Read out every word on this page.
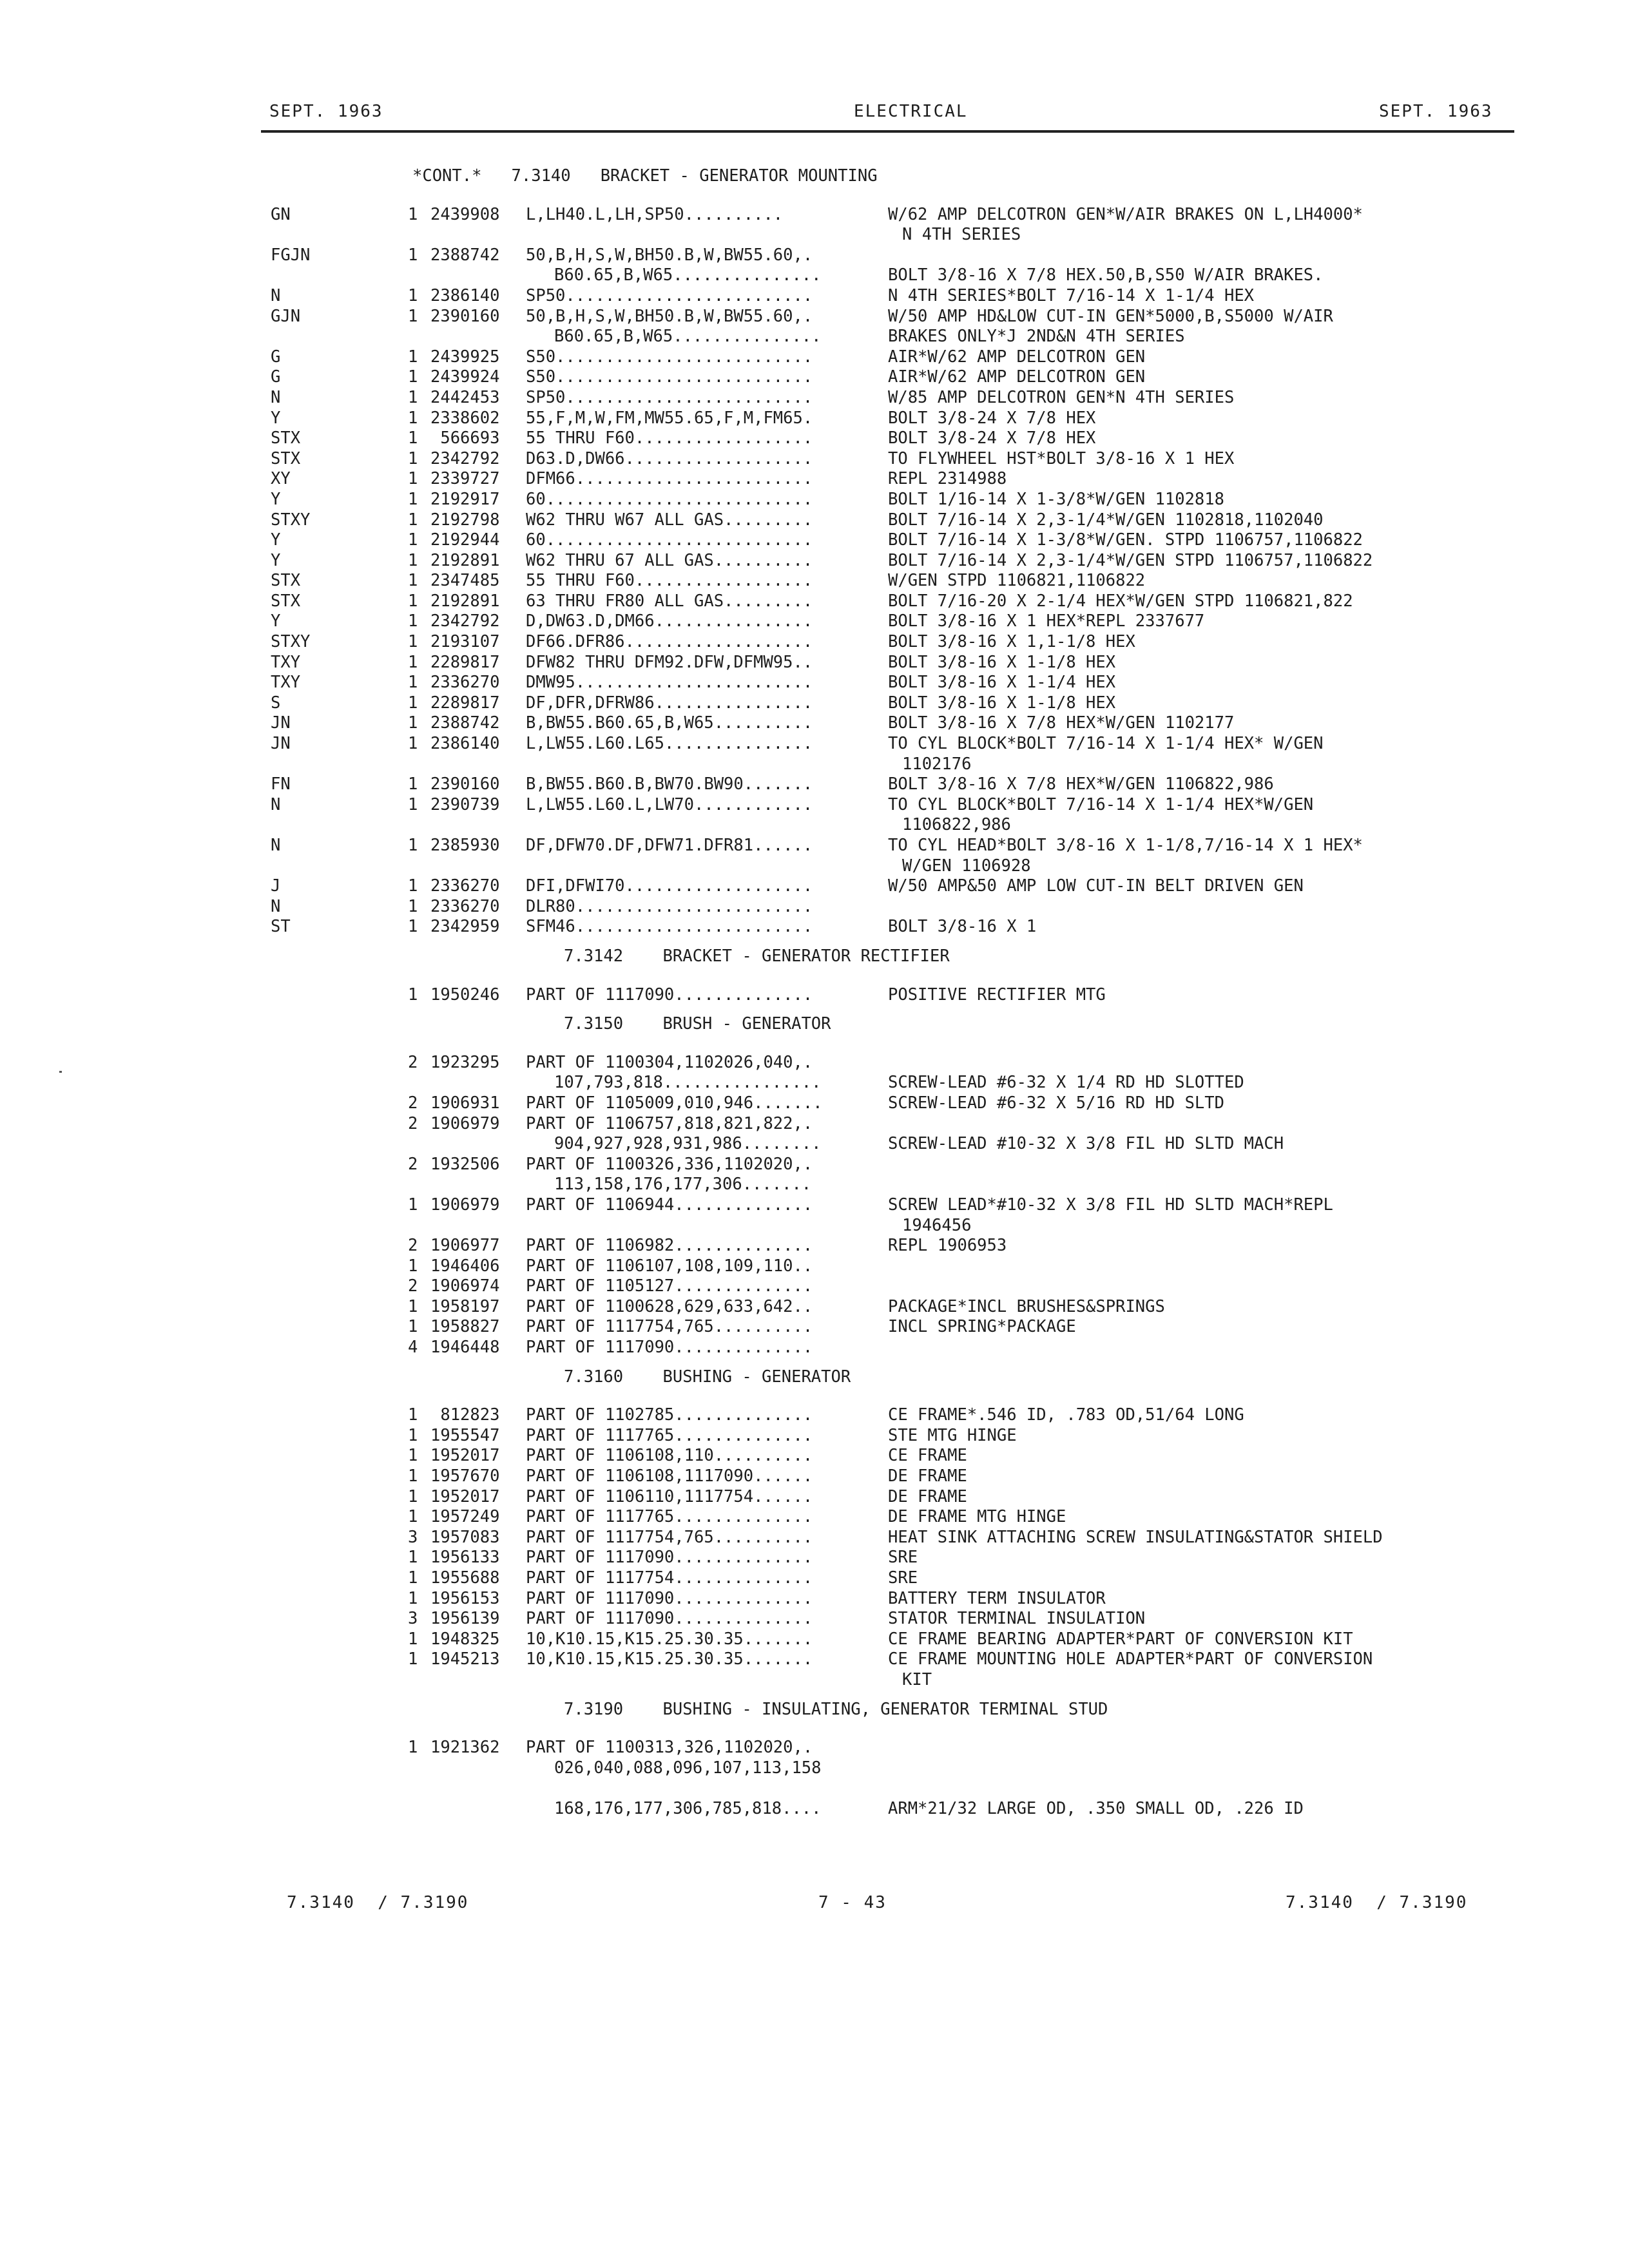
SEPT. 1963	ELECTRICAL	SEPT. 1963
*CONT.*   7.3140   BRACKET - GENERATOR MOUNTING
GN	1 2439908 L,LH40.L,LH,SP50..........	W/62 AMP DELCOTRON GEN*W/AIR BRAKES ON L,LH4000*
N 4TH SERIES
FGJN	1 2388742 50,B,H,S,W,BH50.B,W,BW55.60,.
B60.65,B,W65...............	BOLT 3/8-16 X 7/8 HEX.50,B,S50 W/AIR BRAKES.
N	1 2386140 SP50.........................	N 4TH SERIES*BOLT 7/16-14 X 1-1/4 HEX
GJN	1 2390160 50,B,H,S,W,BH50.B,W,BW55.60,.	W/50 AMP HD&LOW CUT-IN GEN*5000,B,S5000 W/AIR
B60.65,B,W65...............	BRAKES ONLY*J 2ND&N 4TH SERIES
G	1 2439925 S50..........................	AIR*W/62 AMP DELCOTRON GEN
G	1 2439924 S50..........................	AIR*W/62 AMP DELCOTRON GEN
N	1 2442453 SP50.........................	W/85 AMP DELCOTRON GEN*N 4TH SERIES
Y	1 2338602 55,F,M,W,FM,MW55.65,F,M,FM65.	BOLT 3/8-24 X 7/8 HEX
STX	1 566693 55 THRU F60..................	BOLT 3/8-24 X 7/8 HEX
STX	1 2342792 D63.D,DW66...................	TO FLYWHEEL HST*BOLT 3/8-16 X 1 HEX
XY	1 2339727 DFM66........................	REPL 2314988
Y	1 2192917 60...........................	BOLT 1/16-14 X 1-3/8*W/GEN 1102818
STXY	1 2192798 W62 THRU W67 ALL GAS.........	BOLT 7/16-14 X 2,3-1/4*W/GEN 1102818,1102040
Y	1 2192944 60...........................	BOLT 7/16-14 X 1-3/8*W/GEN. STPD 1106757,1106822
Y	1 2192891 W62 THRU 67 ALL GAS..........	BOLT 7/16-14 X 2,3-1/4*W/GEN STPD 1106757,1106822
STX	1 2347485 55 THRU F60..................	W/GEN STPD 1106821,1106822
STX	1 2192891 63 THRU FR80 ALL GAS.........	BOLT 7/16-20 X 2-1/4 HEX*W/GEN STPD 1106821,822
Y	1 2342792 D,DW63.D,DM66................	BOLT 3/8-16 X 1 HEX*REPL 2337677
STXY	1 2193107 DF66.DFR86...................	BOLT 3/8-16 X 1,1-1/8 HEX
TXY	1 2289817 DFW82 THRU DFM92.DFW,DFMW95..	BOLT 3/8-16 X 1-1/8 HEX
TXY	1 2336270 DMW95........................	BOLT 3/8-16 X 1-1/4 HEX
S	1 2289817 DF,DFR,DFRW86................	BOLT 3/8-16 X 1-1/8 HEX
JN	1 2388742 B,BW55.B60.65,B,W65..........	BOLT 3/8-16 X 7/8 HEX*W/GEN 1102177
JN	1 2386140 L,LW55.L60.L65...............	TO CYL BLOCK*BOLT 7/16-14 X 1-1/4 HEX* W/GEN
1102176
FN	1 2390160 B,BW55.B60.B,BW70.BW90.......	BOLT 3/8-16 X 7/8 HEX*W/GEN 1106822,986
N	1 2390739 L,LW55.L60.L,LW70............	TO CYL BLOCK*BOLT 7/16-14 X 1-1/4 HEX*W/GEN
1106822,986
N	1 2385930 DF,DFW70.DF,DFW71.DFR81......	TO CYL HEAD*BOLT 3/8-16 X 1-1/8,7/16-14 X 1 HEX*
W/GEN 1106928
J	1 2336270 DFI,DFWI70...................	W/50 AMP&50 AMP LOW CUT-IN BELT DRIVEN GEN
N	1 2336270 DLR80........................
ST	1 2342959 SFM46........................	BOLT 3/8-16 X 1
7.3142    BRACKET - GENERATOR RECTIFIER
1 1950246 PART OF 1117090..............	POSITIVE RECTIFIER MTG
7.3150    BRUSH - GENERATOR
2 1923295 PART OF 1100304,1102026,040,.
107,793,818................	SCREW-LEAD #6-32 X 1/4 RD HD SLOTTED
2 1906931 PART OF 1105009,010,946.......	SCREW-LEAD #6-32 X 5/16 RD HD SLTD
2 1906979 PART OF 1106757,818,821,822,.
904,927,928,931,986........	SCREW-LEAD #10-32 X 3/8 FIL HD SLTD MACH
2 1932506 PART OF 1100326,336,1102020,.
113,158,176,177,306.......
1 1906979 PART OF 1106944..............	SCREW LEAD*#10-32 X 3/8 FIL HD SLTD MACH*REPL
1946456
2 1906977 PART OF 1106982..............	REPL 1906953
1 1946406 PART OF 1106107,108,109,110..
2 1906974 PART OF 1105127..............
1 1958197 PART OF 1100628,629,633,642..	PACKAGE*INCL BRUSHES&SPRINGS
1 1958827 PART OF 1117754,765..........	INCL SPRING*PACKAGE
4 1946448 PART OF 1117090..............
7.3160    BUSHING - GENERATOR
1 812823 PART OF 1102785..............	CE FRAME*.546 ID, .783 OD,51/64 LONG
1 1955547 PART OF 1117765..............	STE MTG HINGE
1 1952017 PART OF 1106108,110..........	CE FRAME
1 1957670 PART OF 1106108,1117090......	DE FRAME
1 1952017 PART OF 1106110,1117754......	DE FRAME
1 1957249 PART OF 1117765..............	DE FRAME MTG HINGE
3 1957083 PART OF 1117754,765..........	HEAT SINK ATTACHING SCREW INSULATING&STATOR SHIELD
1 1956133 PART OF 1117090..............	SRE
1 1955688 PART OF 1117754..............	SRE
1 1956153 PART OF 1117090..............	BATTERY TERM INSULATOR
3 1956139 PART OF 1117090..............	STATOR TERMINAL INSULATION
1 1948325 10,K10.15,K15.25.30.35.......	CE FRAME BEARING ADAPTER*PART OF CONVERSION KIT
1 1945213 10,K10.15,K15.25.30.35.......	CE FRAME MOUNTING HOLE ADAPTER*PART OF CONVERSION
KIT
7.3190    BUSHING - INSULATING, GENERATOR TERMINAL STUD
1 1921362 PART OF 1100313,326,1102020,.
026,040,088,096,107,113,158
168,176,177,306,785,818....	ARM*21/32 LARGE OD, .350 SMALL OD, .226 ID
7.3140  / 7.3190	7 - 43	7.3140  / 7.3190
